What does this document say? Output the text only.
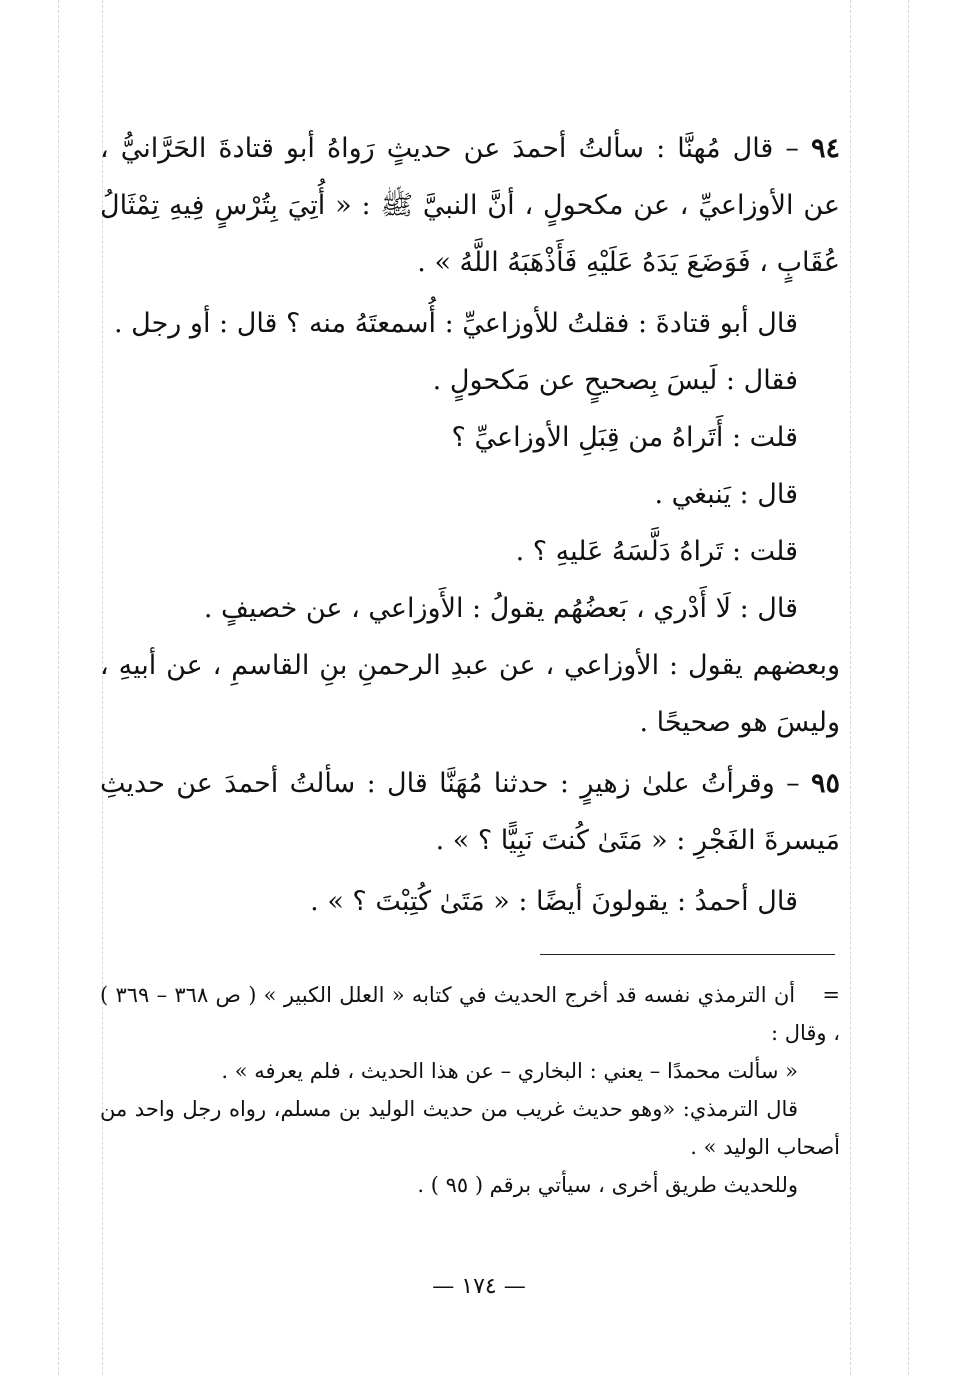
٩٤ – قال مُهنَّا : سألتُ أحمدَ عن حديثٍ رَواهُ أبو قتادةَ الحَرَّانيُّ ، عن الأوزاعيِّ ، عن مكحولٍ ، أنَّ النبيَّ ﷺ : « أُتِيَ بِتُرْسٍ فِيهِ تِمْثَالُ عُقَابٍ ، فَوَضَعَ يَدَهُ عَلَيْهِ فَأَذْهَبَهُ اللَّهُ » .

قال أبو قتادةَ : فقلتُ للأوزاعيِّ : أُسمعتَهُ منه ؟ قال : أو رجل .

فقال : لَيسَ بِصحيحٍ عن مَكحولٍ .

قلت : أَتَراهُ من قِبَلِ الأوزاعيِّ ؟

قال : يَنبغي .

قلت : تَراهُ دَلَّسَهُ عَليهِ ؟ .

قال : لَا أَدْري ، بَعضُهُم يقولُ : الأَوزاعي ، عن خصيفٍ .

وبعضهم يقول : الأوزاعي ، عن عبدِ الرحمنِ بنِ القاسمِ ، عن أبيهِ ، وليسَ هو صحيحًا .

٩٥ – وقرأتُ علىٰ زهيرٍ : حدثنا مُهَنَّا قال : سألتُ أحمدَ عن حديثِ مَيسرةَ الفَجْرِ : « مَتَىٰ كُنتَ نَبِيًّا ؟ » .

قال أحمدُ : يقولونَ أيضًا : « مَتَىٰ كُتِبْتَ ؟ » .

= أن الترمذي نفسه قد أخرج الحديث في كتابه « العلل الكبير » ( ص ٣٦٨ – ٣٦٩ ) ، وقال :

« سألت محمدًا – يعني : البخاري – عن هذا الحديث ، فلم يعرفه » .

قال الترمذي: «وهو حديث غريب من حديث الوليد بن مسلم، رواه رجل واحد من أصحاب الوليد » .

وللحديث طريق أخرى ، سيأتي برقم ( ٩٥ ) .

— ١٧٤ —
